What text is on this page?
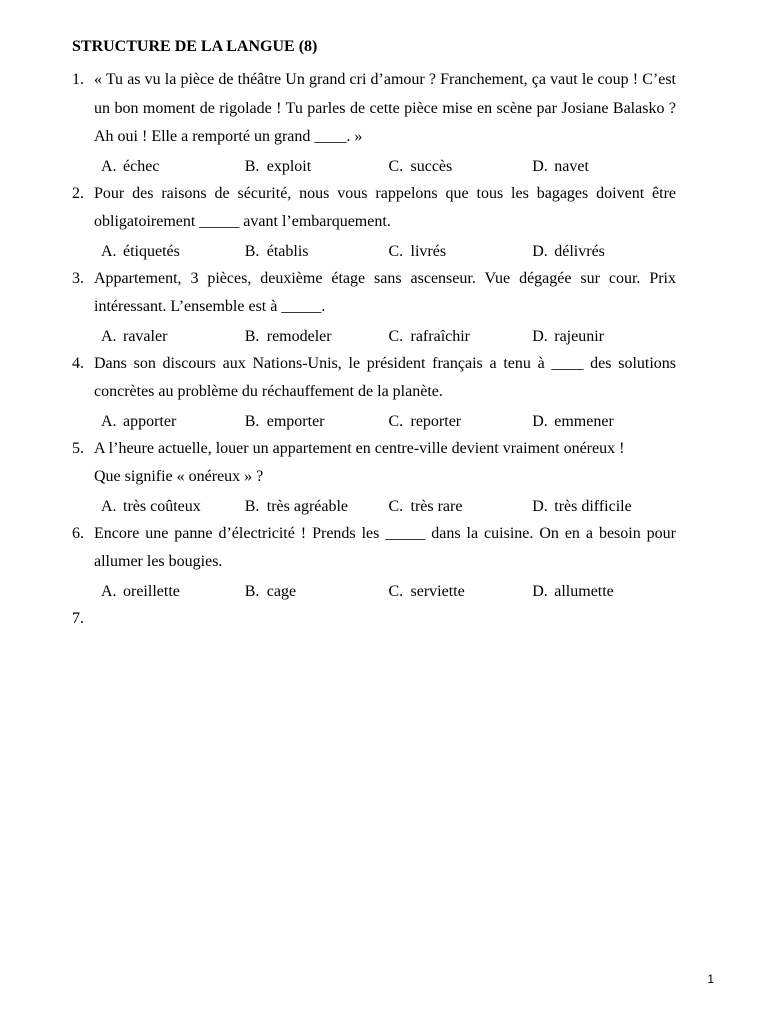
STRUCTURE DE LA LANGUE (8)
1. « Tu as vu la pièce de théâtre Un grand cri d’amour ? Franchement, ça vaut le coup ! C’est un bon moment de rigolade ! Tu parles de cette pièce mise en scène par Josiane Balasko ? Ah oui ! Elle a remporté un grand ____. »
A. échec	B. exploit	C. succès	D. navet
2. Pour des raisons de sécurité, nous vous rappelons que tous les bagages doivent être obligatoirement _____ avant l’embarquement.
A. étiquetés	B. établis	C. livrés	D. délivrés
3. Appartement, 3 pièces, deuxième étage sans ascenseur. Vue dégagée sur cour. Prix intéressant. L’ensemble est à _____.
A. ravaler	B. remodeler	C. rafraîchir	D. rajeunir
4. Dans son discours aux Nations-Unis, le président français a tenu à ____ des solutions concrètes au problème du réchauffement de la planète.
A. apporter	B. emporter	C. reporter	D. emmener
5. A l’heure actuelle, louer un appartement en centre-ville devient vraiment onéreux !
Que signifie « onéreux » ?
A. très coûteux	B. très agréable	C. très rare	D. très difficile
6. Encore une panne d’électricité ! Prends les _____ dans la cuisine. On en a besoin pour allumer les bougies.
A. oreillette	B. cage	C. serviette	D. allumette
7.

1
